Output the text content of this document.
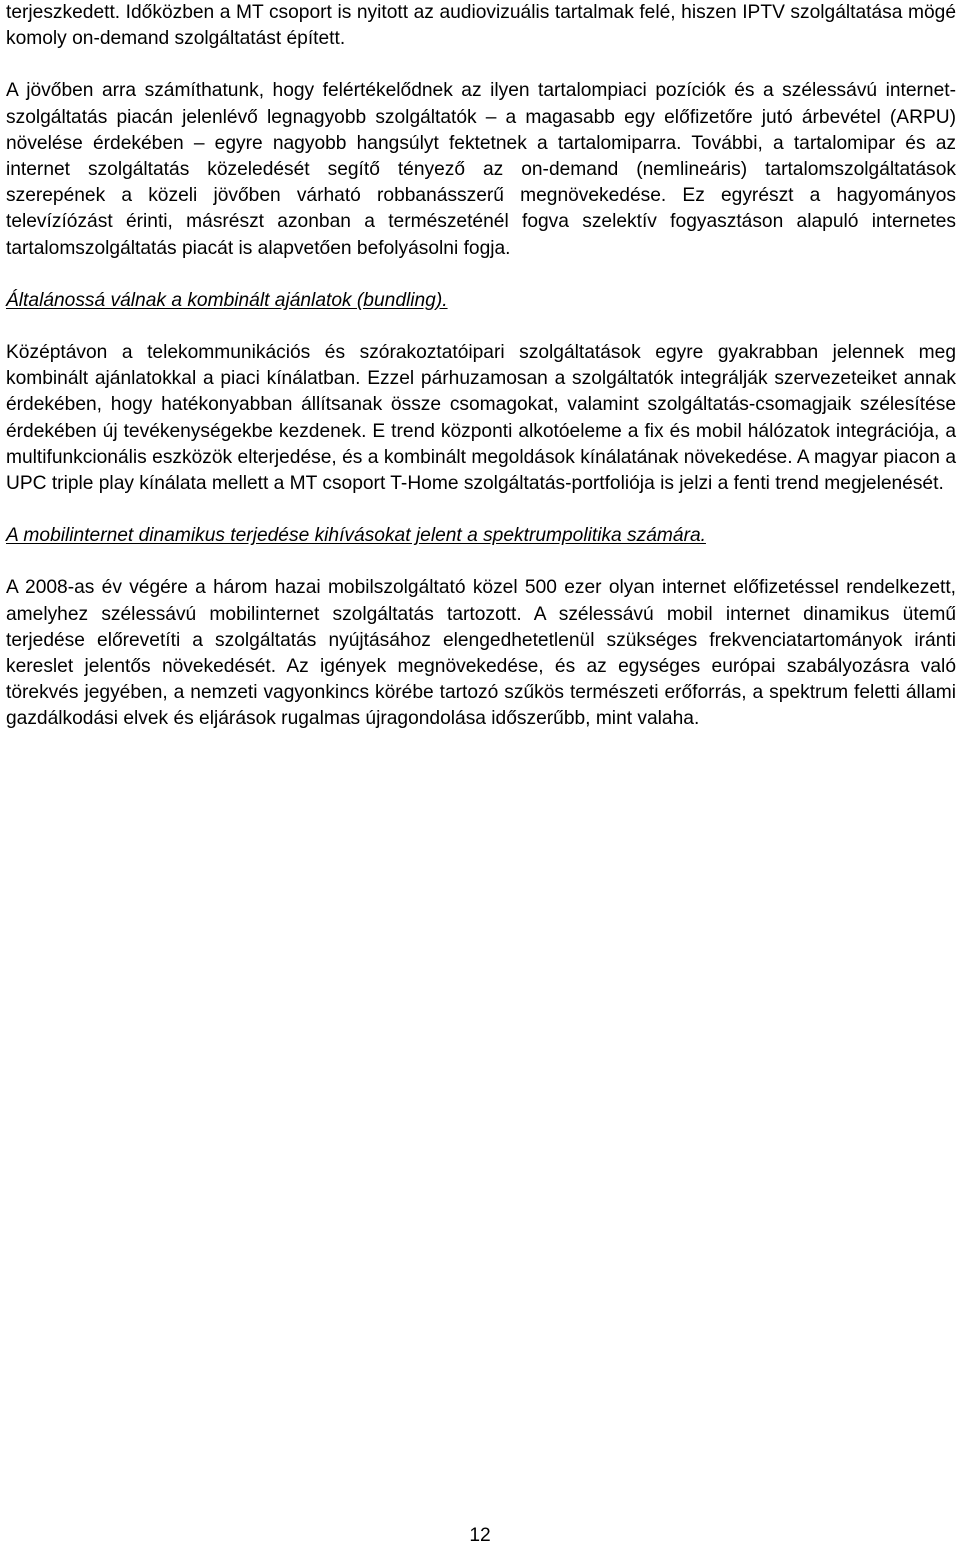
terjeszkedett. Időközben a MT csoport is nyitott az audiovizuális tartalmak felé, hiszen IPTV szolgáltatása mögé komoly on-demand szolgáltatást épített.

A jövőben arra számíthatunk, hogy felértékelődnek az ilyen tartalompiaci pozíciók és a szélessávú internet-szolgáltatás piacán jelenlévő legnagyobb szolgáltatók – a magasabb egy előfizetőre jutó árbevétel (ARPU) növelése érdekében – egyre nagyobb hangsúlyt fektetnek a tartalomiparra. További, a tartalomipar és az internet szolgáltatás közeledését segítő tényező az on-demand (nemlineáris) tartalomszolgáltatások szerepének a közeli jövőben várható robbanásszerű megnövekedése. Ez egyrészt a hagyományos televízíózást érinti, másrészt azonban a természeténél fogva szelektív fogyasztáson alapuló internetes tartalomszolgáltatás piacát is alapvetően befolyásolni fogja.

Általánossá válnak a kombinált ajánlatok (bundling).

Középtávon a telekommunikációs és szórakoztatóipari szolgáltatások egyre gyakrabban jelennek meg kombinált ajánlatokkal a piaci kínálatban. Ezzel párhuzamosan a szolgáltatók integrálják szervezeteiket annak érdekében, hogy hatékonyabban állítsanak össze csomagokat, valamint szolgáltatás-csomagjaik szélesítése érdekében új tevékenységekbe kezdenek. E trend központi alkotóeleme a fix és mobil hálózatok integrációja, a multifunkcionális eszközök elterjedése, és a kombinált megoldások kínálatának növekedése. A magyar piacon a UPC triple play kínálata mellett a MT csoport T-Home szolgáltatás-portfoliója is jelzi a fenti trend megjelenését.

A mobilinternet dinamikus terjedése kihívásokat jelent a spektrumpolitika számára.

A 2008-as év végére a három hazai mobilszolgáltató közel 500 ezer olyan internet előfizetéssel rendelkezett, amelyhez szélessávú mobilinternet szolgáltatás tartozott. A szélessávú mobil internet dinamikus ütemű terjedése előrevetíti a szolgáltatás nyújtásához elengedhetetlenül szükséges frekvenciatartományok iránti kereslet jelentős növekedését. Az igények megnövekedése, és az egységes európai szabályozásra való törekvés jegyében, a nemzeti vagyonkincs körébe tartozó szűkös természeti erőforrás, a spektrum feletti állami gazdálkodási elvek és eljárások rugalmas újragondolása időszerűbb, mint valaha.

12
